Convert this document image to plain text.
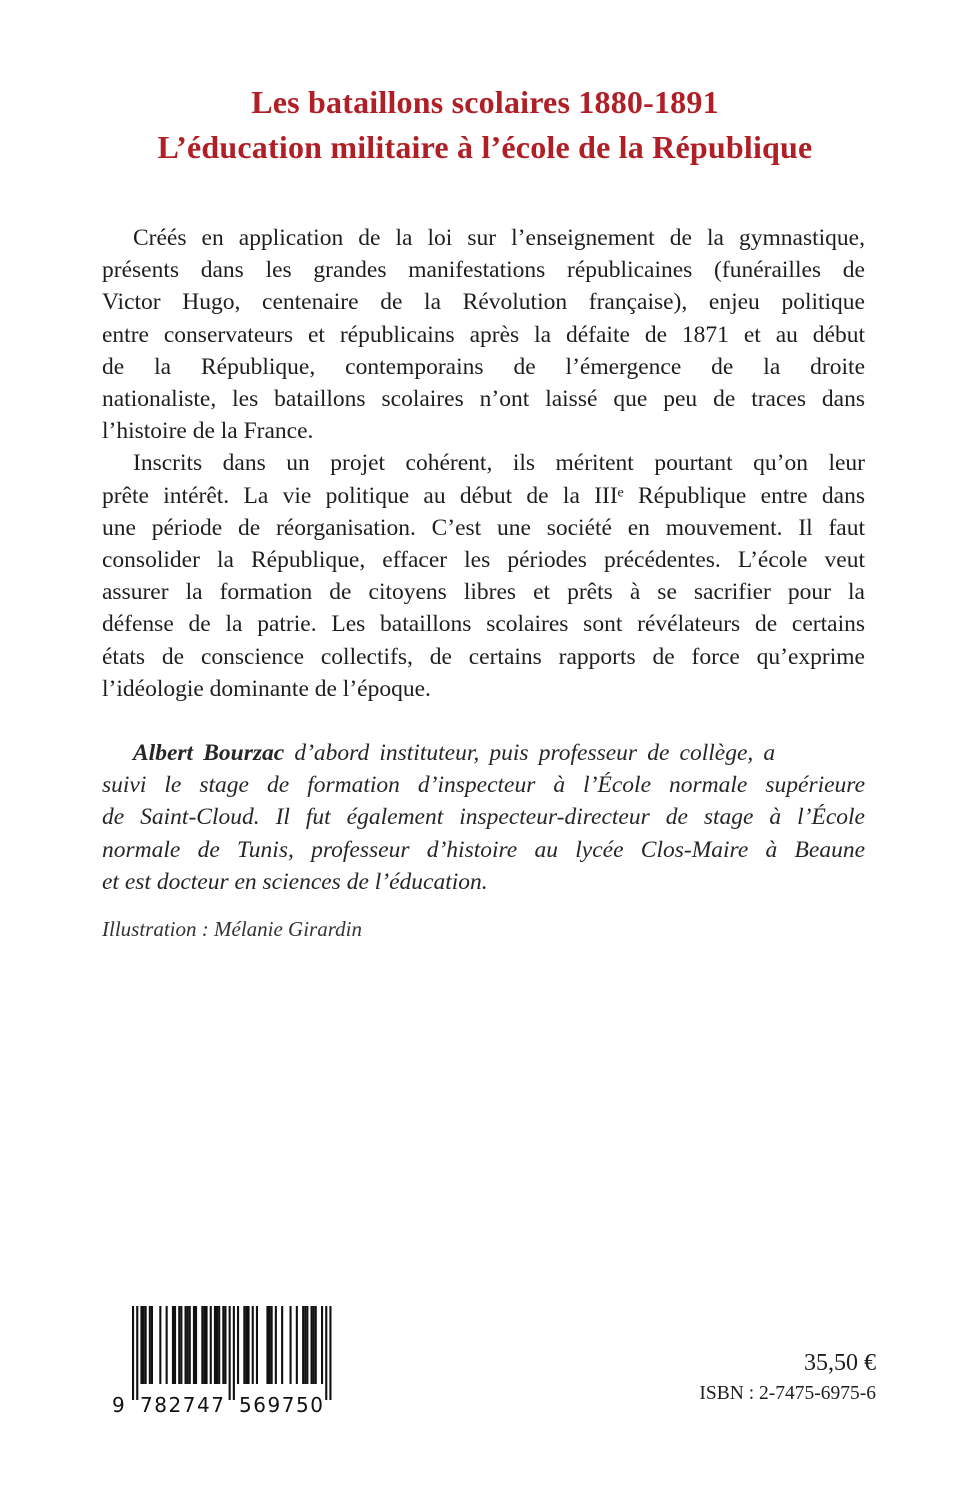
Les bataillons scolaires 1880-1891
L’éducation militaire à l’école de la République
Créés en application de la loi sur l’enseignement de la gymnastique,
présents dans les grandes manifestations républicaines (funérailles de
Victor Hugo, centenaire de la Révolution française), enjeu politique
entre conservateurs et républicains après la défaite de 1871 et au début
de la République, contemporains de l’émergence de la droite
nationaliste, les bataillons scolaires n’ont laissé que peu de traces dans
l’histoire de la France.
Inscrits dans un projet cohérent, ils méritent pourtant qu’on leur
prête intérêt. La vie politique au début de la IIIᵉ République entre dans
une période de réorganisation. C’est une société en mouvement. Il faut
consolider la République, effacer les périodes précédentes. L’école veut
assurer la formation de citoyens libres et prêts à se sacrifier pour la
défense de la patrie. Les bataillons scolaires sont révélateurs de certains
états de conscience collectifs, de certains rapports de force qu’exprime
l’idéologie dominante de l’époque.
Albert Bourzac d’abord instituteur, puis professeur de collège, a
suivi le stage de formation d’inspecteur à l’École normale supérieure
de Saint-Cloud. Il fut également inspecteur-directeur de stage à l’École
normale de Tunis, professeur d’histoire au lycée Clos-Maire à Beaune
et est docteur en sciences de l’éducation.
Illustration : Mélanie Girardin
9 782747 569750
35,50 €
ISBN : 2-7475-6975-6
